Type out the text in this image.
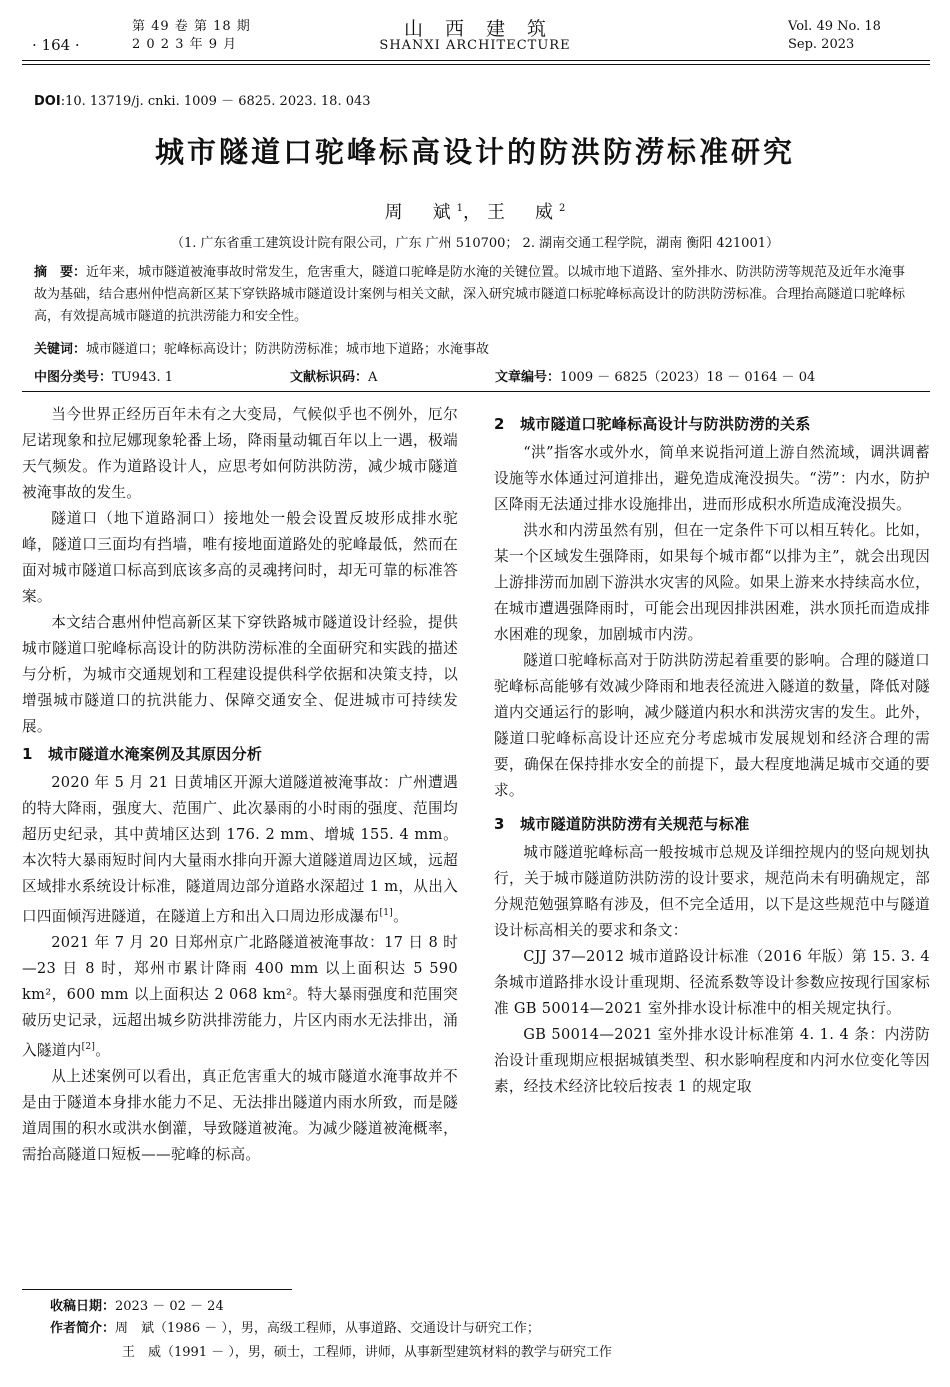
· 164 ·
第 49 卷 第 18 期
2 0 2 3 年 9 月
山西建筑
SHANXI ARCHITECTURE
Vol. 49 No. 18
Sep. 2023
DOI:10. 13719/j. cnki. 1009 － 6825. 2023. 18. 043
城市隧道口驼峰标高设计的防洪防涝标准研究
周　斌$^1$，王　威$^2$
（1. 广东省重工建筑设计院有限公司，广东 广州 510700； 2. 湖南交通工程学院，湖南 衡阳 421001）
摘　要：近年来，城市隧道被淹事故时常发生，危害重大，隧道口驼峰是防水淹的关键位置。以城市地下道路、室外排水、防洪防涝等规范及近年水淹事故为基础，结合惠州仲恺高新区某下穿铁路城市隧道设计案例与相关文献，深入研究城市隧道口标驼峰标高设计的防洪防涝标准。合理抬高隧道口驼峰标高，有效提高城市隧道的抗洪涝能力和安全性。
关键词：城市隧道口；驼峰标高设计；防洪防涝标准；城市地下道路；水淹事故
中图分类号：TU943. 1	文献标识码：A	文章编号：1009 － 6825（2023）18 － 0164 － 04

当今世界正经历百年未有之大变局，气候似乎也不例外，厄尔尼诺现象和拉尼娜现象轮番上场，降雨量动辄百年以上一遇，极端天气频发。作为道路设计人，应思考如何防洪防涝，减少城市隧道被淹事故的发生。

隧道口（地下道路洞口）接地处一般会设置反坡形成排水驼峰，隧道口三面均有挡墙，唯有接地面道路处的驼峰最低，然而在面对城市隧道口标高到底该多高的灵魂拷问时，却无可靠的标准答案。

本文结合惠州仲恺高新区某下穿铁路城市隧道设计经验，提供城市隧道口驼峰标高设计的防洪防涝标准的全面研究和实践的描述与分析，为城市交通规划和工程建设提供科学依据和决策支持，以增强城市隧道口的抗洪能力、保障交通安全、促进城市可持续发展。

1 城市隧道水淹案例及其原因分析

2020 年 5 月 21 日黄埔区开源大道隧道被淹事故：广州遭遇的特大降雨，强度大、范围广、此次暴雨的小时雨的强度、范围均超历史纪录，其中黄埔区达到 176. 2 mm、增城 155. 4 mm。本次特大暴雨短时间内大量雨水排向开源大道隧道周边区域，远超区域排水系统设计标准，隧道周边部分道路水深超过 1 m，从出入口四面倾泻进隧道，在隧道上方和出入口周边形成瀑布[1]。

2021 年 7 月 20 日郑州京广北路隧道被淹事故：17 日 8 时—23 日 8 时，郑州市累计降雨 400 mm 以上面积达 5 590 km²，600 mm 以上面积达 2 068 km²。特大暴雨强度和范围突破历史记录，远超出城乡防洪排涝能力，片区内雨水无法排出，涌入隧道内[2]。

从上述案例可以看出，真正危害重大的城市隧道水淹事故并不是由于隧道本身排水能力不足、无法排出隧道内雨水所致，而是隧道周围的积水或洪水倒灌，导致隧道被淹。为减少隧道被淹概率，需抬高隧道口短板——驼峰的标高。

2 城市隧道口驼峰标高设计与防洪防涝的关系

“洪”指客水或外水，简单来说指河道上游自然流域，调洪调蓄设施等水体通过河道排出，避免造成淹没损失。“涝”：内水，防护区降雨无法通过排水设施排出，进而形成积水所造成淹没损失。

洪水和内涝虽然有别，但在一定条件下可以相互转化。比如，某一个区域发生强降雨，如果每个城市都“以排为主”，就会出现因上游排涝而加剧下游洪水灾害的风险。如果上游来水持续高水位，在城市遭遇强降雨时，可能会出现因排洪困难，洪水顶托而造成排水困难的现象，加剧城市内涝。

隧道口驼峰标高对于防洪防涝起着重要的影响。合理的隧道口驼峰标高能够有效减少降雨和地表径流进入隧道的数量，降低对隧道内交通运行的影响，减少隧道内积水和洪涝灾害的发生。此外，隧道口驼峰标高设计还应充分考虑城市发展规划和经济合理的需要，确保在保持排水安全的前提下，最大程度地满足城市交通的要求。

3 城市隧道防洪防涝有关规范与标准

城市隧道驼峰标高一般按城市总规及详细控规内的竖向规划执行，关于城市隧道防洪防涝的设计要求，规范尚未有明确规定，部分规范勉强算略有涉及，但不完全适用，以下是这些规范中与隧道设计标高相关的要求和条文：

CJJ 37—2012 城市道路设计标准（2016 年版）第 15. 3. 4 条城市道路排水设计重现期、径流系数等设计参数应按现行国家标准 GB 50014—2021 室外排水设计标准中的相关规定执行。

GB 50014—2021 室外排水设计标准第 4. 1. 4 条：内涝防治设计重现期应根据城镇类型、积水影响程度和内河水位变化等因素，经技术经济比较后按表 1 的规定取

收稿日期：2023 － 02 － 24
作者简介：周　斌（1986 － ），男，高级工程师，从事道路、交通设计与研究工作；
王　威（1991 － ），男，硕士，工程师，讲师，从事新型建筑材料的教学与研究工作
